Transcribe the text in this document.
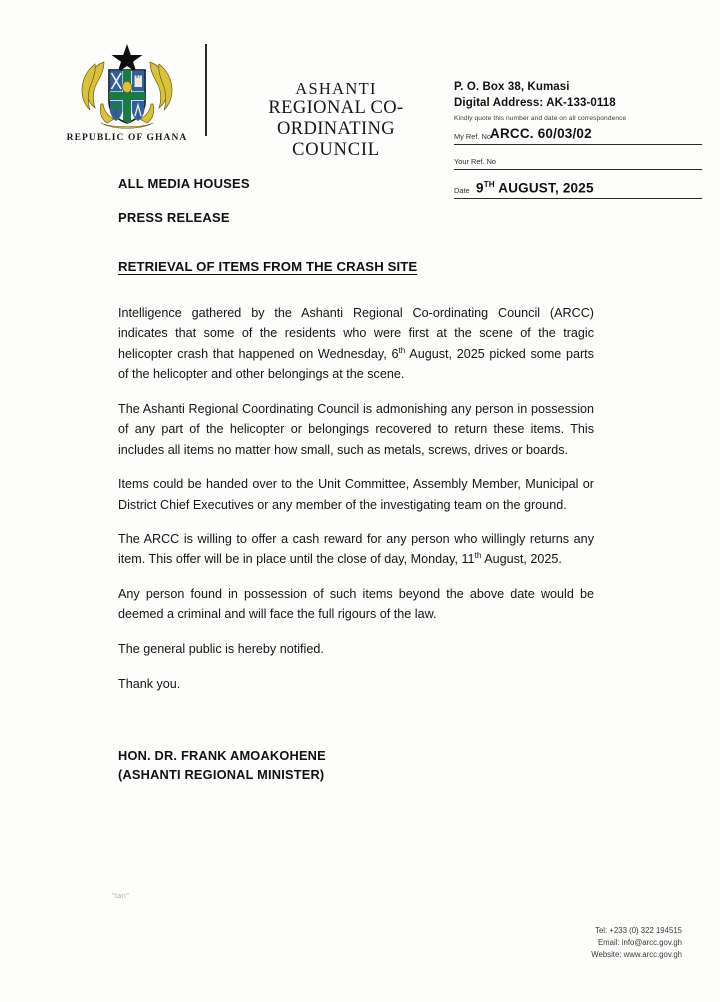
REPUBLIC OF GHANA
ASHANTI
REGIONAL CO-ORDINATING
COUNCIL
P. O. Box 38, Kumasi
Digital Address: AK-133-0118
Kindly quote this number and date on all correspondence
My Ref. No ARCC. 60/03/02
Your Ref. No
Date 9TH AUGUST, 2025
ALL MEDIA HOUSES
PRESS RELEASE
RETRIEVAL OF ITEMS FROM THE CRASH SITE

Intelligence gathered by the Ashanti Regional Co-ordinating Council (ARCC) indicates that some of the residents who were first at the scene of the tragic helicopter crash that happened on Wednesday, 6th August, 2025 picked some parts of the helicopter and other belongings at the scene.

The Ashanti Regional Coordinating Council is admonishing any person in possession of any part of the helicopter or belongings recovered to return these items. This includes all items no matter how small, such as metals, screws, drives or boards.

Items could be handed over to the Unit Committee, Assembly Member, Municipal or District Chief Executives or any member of the investigating team on the ground.

The ARCC is willing to offer a cash reward for any person who willingly returns any item. This offer will be in place until the close of day, Monday, 11th August, 2025.

Any person found in possession of such items beyond the above date would be deemed a criminal and will face the full rigours of the law.

The general public is hereby notified.

Thank you.

HON. DR. FRANK AMOAKOHENE
(ASHANTI REGIONAL MINISTER)
"tan"
Tel: +233 (0) 322 194515
Email: info@arcc.gov.gh
Website: www.arcc.gov.gh
